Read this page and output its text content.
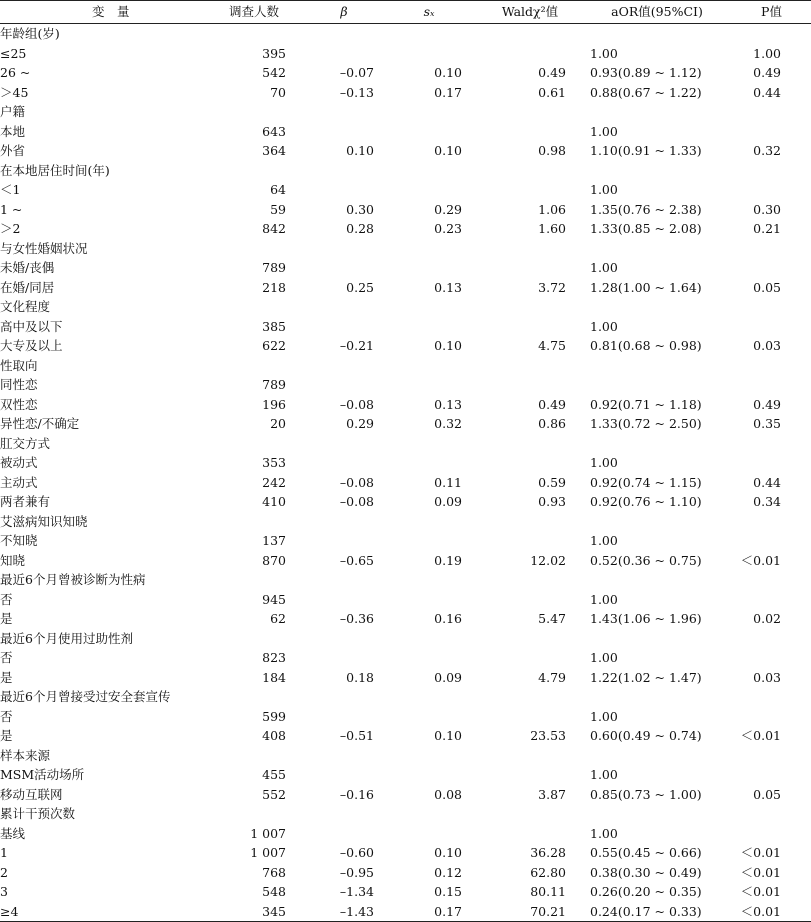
变　量	调查人数	β	sₓ	Waldχ²值	aOR值(95%CI)	P值
年龄组(岁)						
≤25	395				1.00	1.00
26 ~	542	–0.07	0.10	0.49	0.93(0.89 ~ 1.12)	0.49
＞45	70	–0.13	0.17	0.61	0.88(0.67 ~ 1.22)	0.44
户籍						
本地	643				1.00	
外省	364	0.10	0.10	0.98	1.10(0.91 ~ 1.33)	0.32
在本地居住时间(年)						
＜1	64				1.00	
1 ~	59	0.30	0.29	1.06	1.35(0.76 ~ 2.38)	0.30
＞2	842	0.28	0.23	1.60	1.33(0.85 ~ 2.08)	0.21
与女性婚姻状况						
未婚/丧偶	789				1.00	
在婚/同居	218	0.25	0.13	3.72	1.28(1.00 ~ 1.64)	0.05
文化程度						
高中及以下	385				1.00	
大专及以上	622	–0.21	0.10	4.75	0.81(0.68 ~ 0.98)	0.03
性取向						
同性恋	789					
双性恋	196	–0.08	0.13	0.49	0.92(0.71 ~ 1.18)	0.49
异性恋/不确定	20	0.29	0.32	0.86	1.33(0.72 ~ 2.50)	0.35
肛交方式						
被动式	353				1.00	
主动式	242	–0.08	0.11	0.59	0.92(0.74 ~ 1.15)	0.44
两者兼有	410	–0.08	0.09	0.93	0.92(0.76 ~ 1.10)	0.34
艾滋病知识知晓						
不知晓	137				1.00	
知晓	870	–0.65	0.19	12.02	0.52(0.36 ~ 0.75)	＜0.01
最近6个月曾被诊断为性病						
否	945				1.00	
是	62	–0.36	0.16	5.47	1.43(1.06 ~ 1.96)	0.02
最近6个月使用过助性剂						
否	823				1.00	
是	184	0.18	0.09	4.79	1.22(1.02 ~ 1.47)	0.03
最近6个月曾接受过安全套宣传						
否	599				1.00	
是	408	–0.51	0.10	23.53	0.60(0.49 ~ 0.74)	＜0.01
样本来源						
MSM活动场所	455				1.00	
移动互联网	552	–0.16	0.08	3.87	0.85(0.73 ~ 1.00)	0.05
累计干预次数						
基线	1 007				1.00	
1	1 007	–0.60	0.10	36.28	0.55(0.45 ~ 0.66)	＜0.01
2	768	–0.95	0.12	62.80	0.38(0.30 ~ 0.49)	＜0.01
3	548	–1.34	0.15	80.11	0.26(0.20 ~ 0.35)	＜0.01
≥4	345	–1.43	0.17	70.21	0.24(0.17 ~ 0.33)	＜0.01
